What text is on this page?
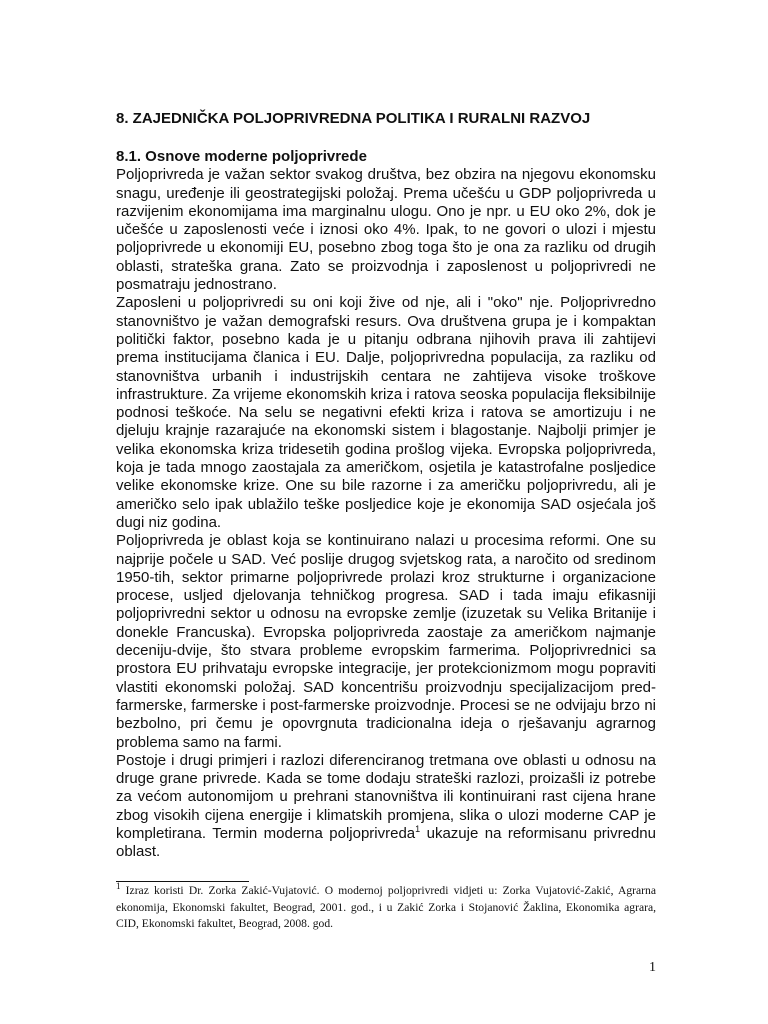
8. ZAJEDNIČKA POLJOPRIVREDNA POLITIKA I RURALNI RAZVOJ

8.1. Osnove moderne poljoprivrede

Poljoprivreda je važan sektor svakog društva, bez obzira na njegovu ekonomsku snagu, uređenje ili geostrategijski položaj. Prema učešću u GDP poljoprivreda u razvijenim ekonomijama ima marginalnu ulogu. Ono je npr. u EU oko 2%, dok je učešće u zaposlenosti veće i iznosi oko 4%. Ipak, to ne govori o ulozi i mjestu poljoprivrede u ekonomiji EU, posebno zbog toga što je ona za razliku od drugih oblasti, strateška grana. Zato se proizvodnja i zaposlenost u poljoprivredi ne posmatraju jednostrano.

Zaposleni u poljoprivredi su oni koji žive od nje, ali i "oko" nje. Poljoprivredno stanovništvo je važan demografski resurs. Ova društvena grupa je i kompaktan politički faktor, posebno kada je u pitanju odbrana njihovih prava ili zahtijevi prema institucijama članica i EU. Dalje, poljoprivredna populacija, za razliku od stanovništva urbanih i industrijskih centara ne zahtijeva visoke troškove infrastrukture. Za vrijeme ekonomskih kriza i ratova seoska populacija fleksibilnije podnosi teškoće. Na selu se negativni efekti kriza i ratova se amortizuju i ne djeluju krajnje razarajuće na ekonomski sistem i blagostanje. Najbolji primjer je velika ekonomska kriza tridesetih godina prošlog vijeka. Evropska poljoprivreda, koja je tada mnogo zaostajala za američkom, osjetila je katastrofalne posljedice velike ekonomske krize. One su bile razorne i za američku poljoprivredu, ali je američko selo ipak ublažilo teške posljedice koje je ekonomija SAD osjećala još dugi niz godina.

Poljoprivreda je oblast koja se kontinuirano nalazi u procesima reformi. One su najprije počele u SAD. Već poslije drugog svjetskog rata, a naročito od sredinom 1950-tih, sektor primarne poljoprivrede prolazi kroz strukturne i organizacione procese, usljed djelovanja tehničkog progresa. SAD i tada imaju efikasniji poljoprivredni sektor u odnosu na evropske zemlje (izuzetak su Velika Britanije i donekle Francuska). Evropska poljoprivreda zaostaje za američkom najmanje deceniju-dvije, što stvara probleme evropskim farmerima. Poljoprivrednici sa prostora EU prihvataju evropske integracije, jer protekcionizmom mogu popraviti vlastiti ekonomski položaj. SAD koncentrišu proizvodnju specijalizacijom pred-farmerske, farmerske i post-farmerske proizvodnje. Procesi se ne odvijaju brzo ni bezbolno, pri čemu je opovrgnuta tradicionalna ideja o rješavanju agrarnog problema samo na farmi.

Postoje i drugi primjeri i razlozi diferenciranog tretmana ove oblasti u odnosu na druge grane privrede. Kada se tome dodaju strateški razlozi, proizašli iz potrebe za većom autonomijom u prehrani stanovništva ili kontinuirani rast cijena hrane zbog visokih cijena energije i klimatskih promjena, slika o ulozi moderne CAP je kompletirana. Termin moderna poljoprivreda$^1$ ukazuje na reformisanu privrednu oblast.

$^1$ Izraz koristi Dr. Zorka Zakić-Vujatović. O modernoj poljoprivredi vidjeti u: Zorka Vujatović-Zakić, Agrarna ekonomija, Ekonomski fakultet, Beograd, 2001. god., i u Zakić Zorka i Stojanović Žaklina, Ekonomika agrara, CID, Ekonomski fakultet, Beograd, 2008. god.
1
